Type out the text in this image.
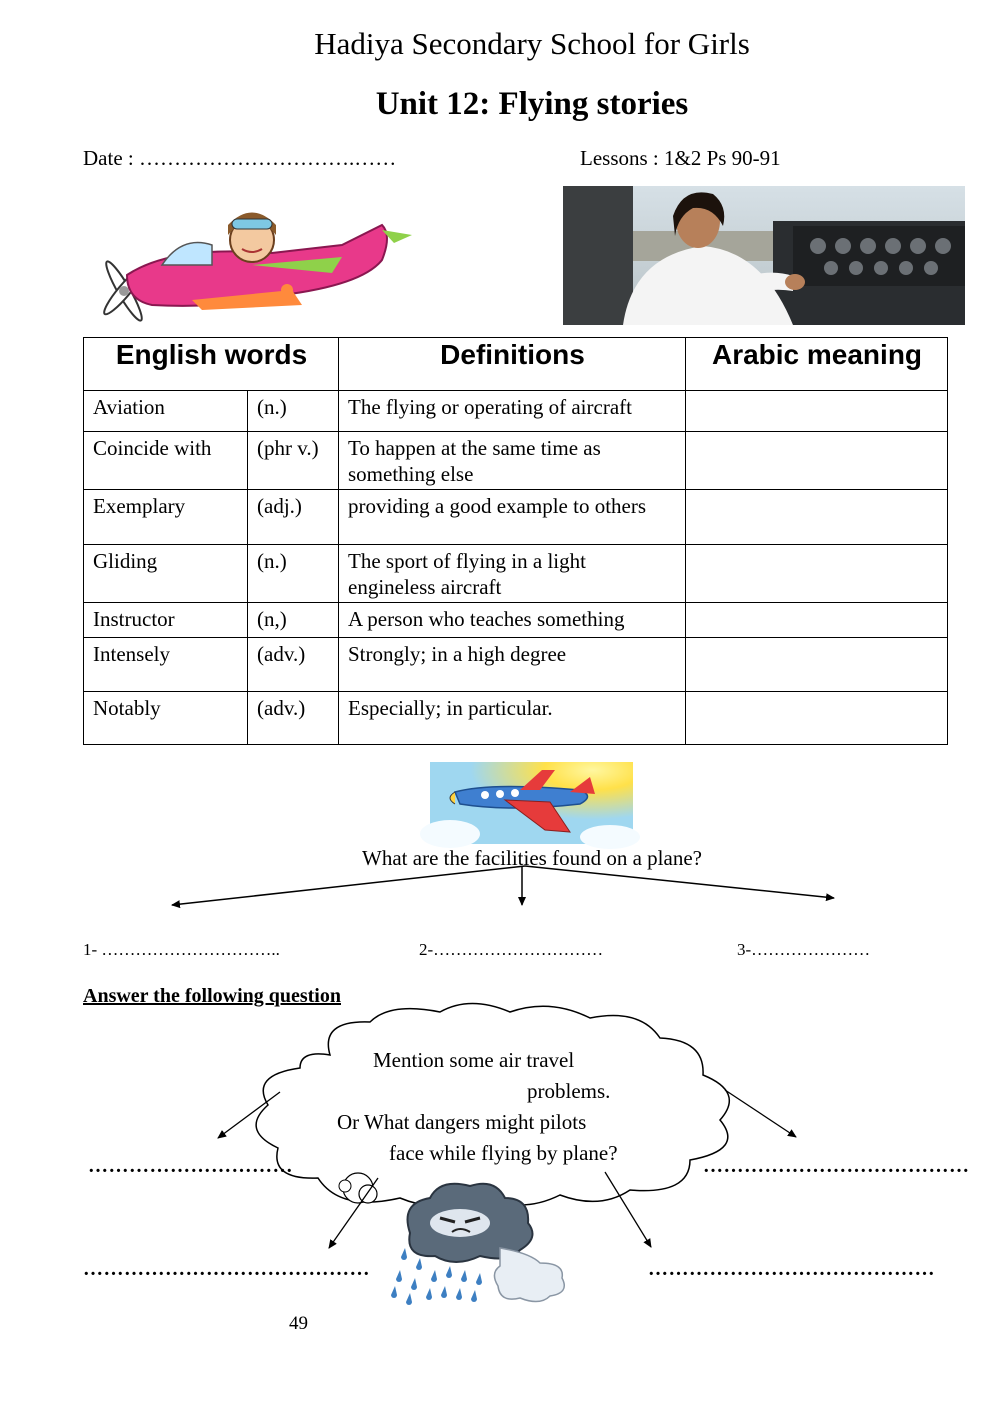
Hadiya Secondary School for Girls
Unit 12: Flying stories
Date : ………………………….……	Lessons : 1&2 Ps 90-91
English words		Definitions	Arabic meaning
Aviation	(n.)	The flying or operating of aircraft	
Coincide with	(phr v.)	To happen at the same time as something else	
Exemplary	(adj.)	providing a good example to others	
Gliding	(n.)	The sport of flying in a light engineless aircraft	
Instructor	(n,)	A person who teaches something	
Intensely	(adv.)	Strongly; in a high degree	
Notably	(adv.)	Especially; in particular.	
What are the facilities found on a plane?
1- …………………………..	2-…………………………	3-…………………
Answer the following question
Mention some air travel
problems.
Or What dangers might pilots
face while flying by plane?
…………………………	…………………………………
……………………………………	……………………………………
49
